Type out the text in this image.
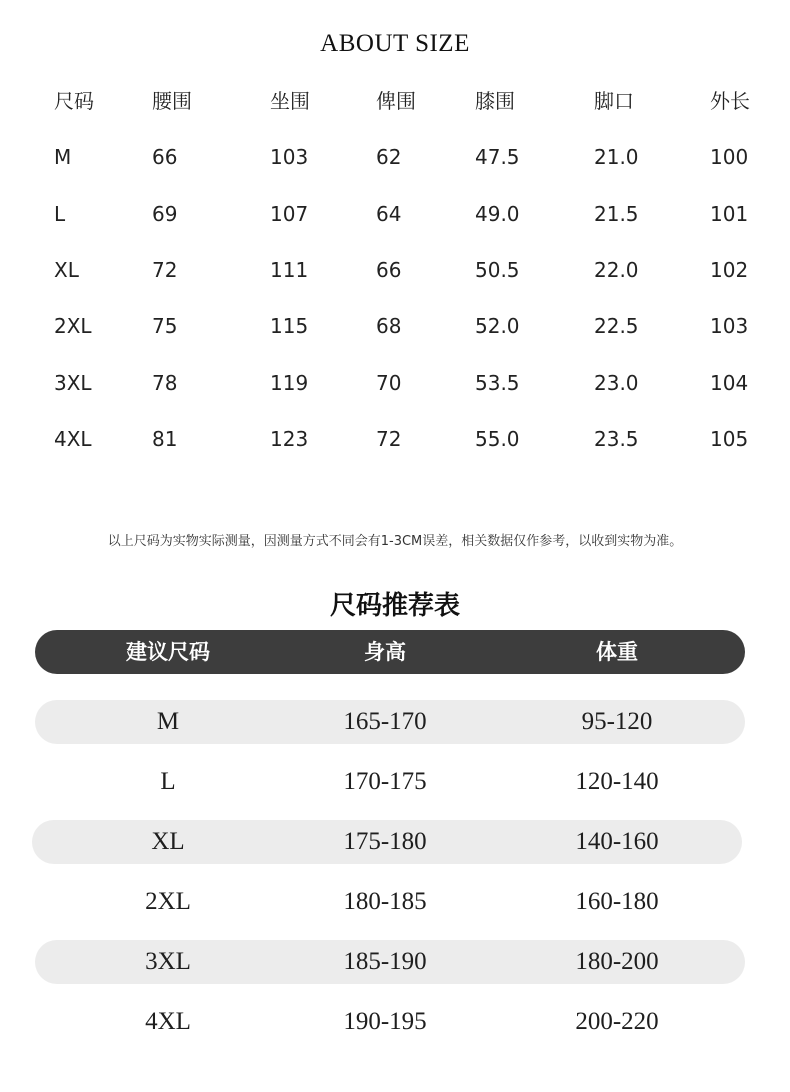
ABOUT SIZE
尺码	腰围	坐围	俾围	膝围	脚口	外长
M	66	103	62	47.5	21.0	100
L	69	107	64	49.0	21.5	101
XL	72	111	66	50.5	22.0	102
2XL	75	115	68	52.0	22.5	103
3XL	78	119	70	53.5	23.0	104
4XL	81	123	72	55.0	23.5	105
以上尺码为实物实际测量，因测量方式不同会有1-3CM误差，相关数据仅作参考，以收到实物为准。
尺码推荐表
建议尺码	身高	体重
M	165-170	95-120
L	170-175	120-140
XL	175-180	140-160
2XL	180-185	160-180
3XL	185-190	180-200
4XL	190-195	200-220
